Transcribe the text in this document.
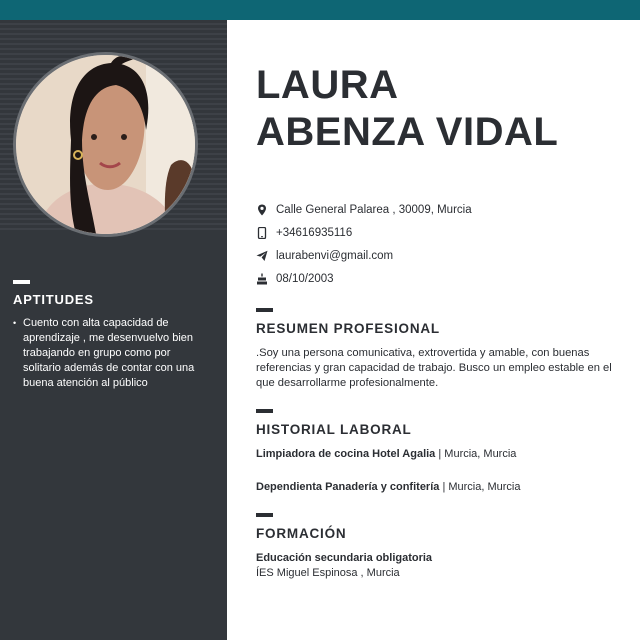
APTITUDES
• Cuento con alta capacidad de aprendizaje , me desenvuelvo bien trabajando en grupo como por solitario además de contar con una buena atención al público
LAURA
ABENZA VIDAL
Calle General Palarea , 30009, Murcia
+34616935116
laurabenvi@gmail.com
08/10/2003
RESUMEN PROFESIONAL

.Soy una persona comunicativa, extrovertida y amable, con buenas referencias y gran capacidad de trabajo. Busco un empleo estable en el que desarrollarme profesionalmente.

HISTORIAL LABORAL
Limpiadora de cocina Hotel Agalia | Murcia, Murcia
Dependienta Panadería y confitería | Murcia, Murcia
FORMACIÓN
Educación secundaria obligatoria
ÍES Miguel Espinosa , Murcia
